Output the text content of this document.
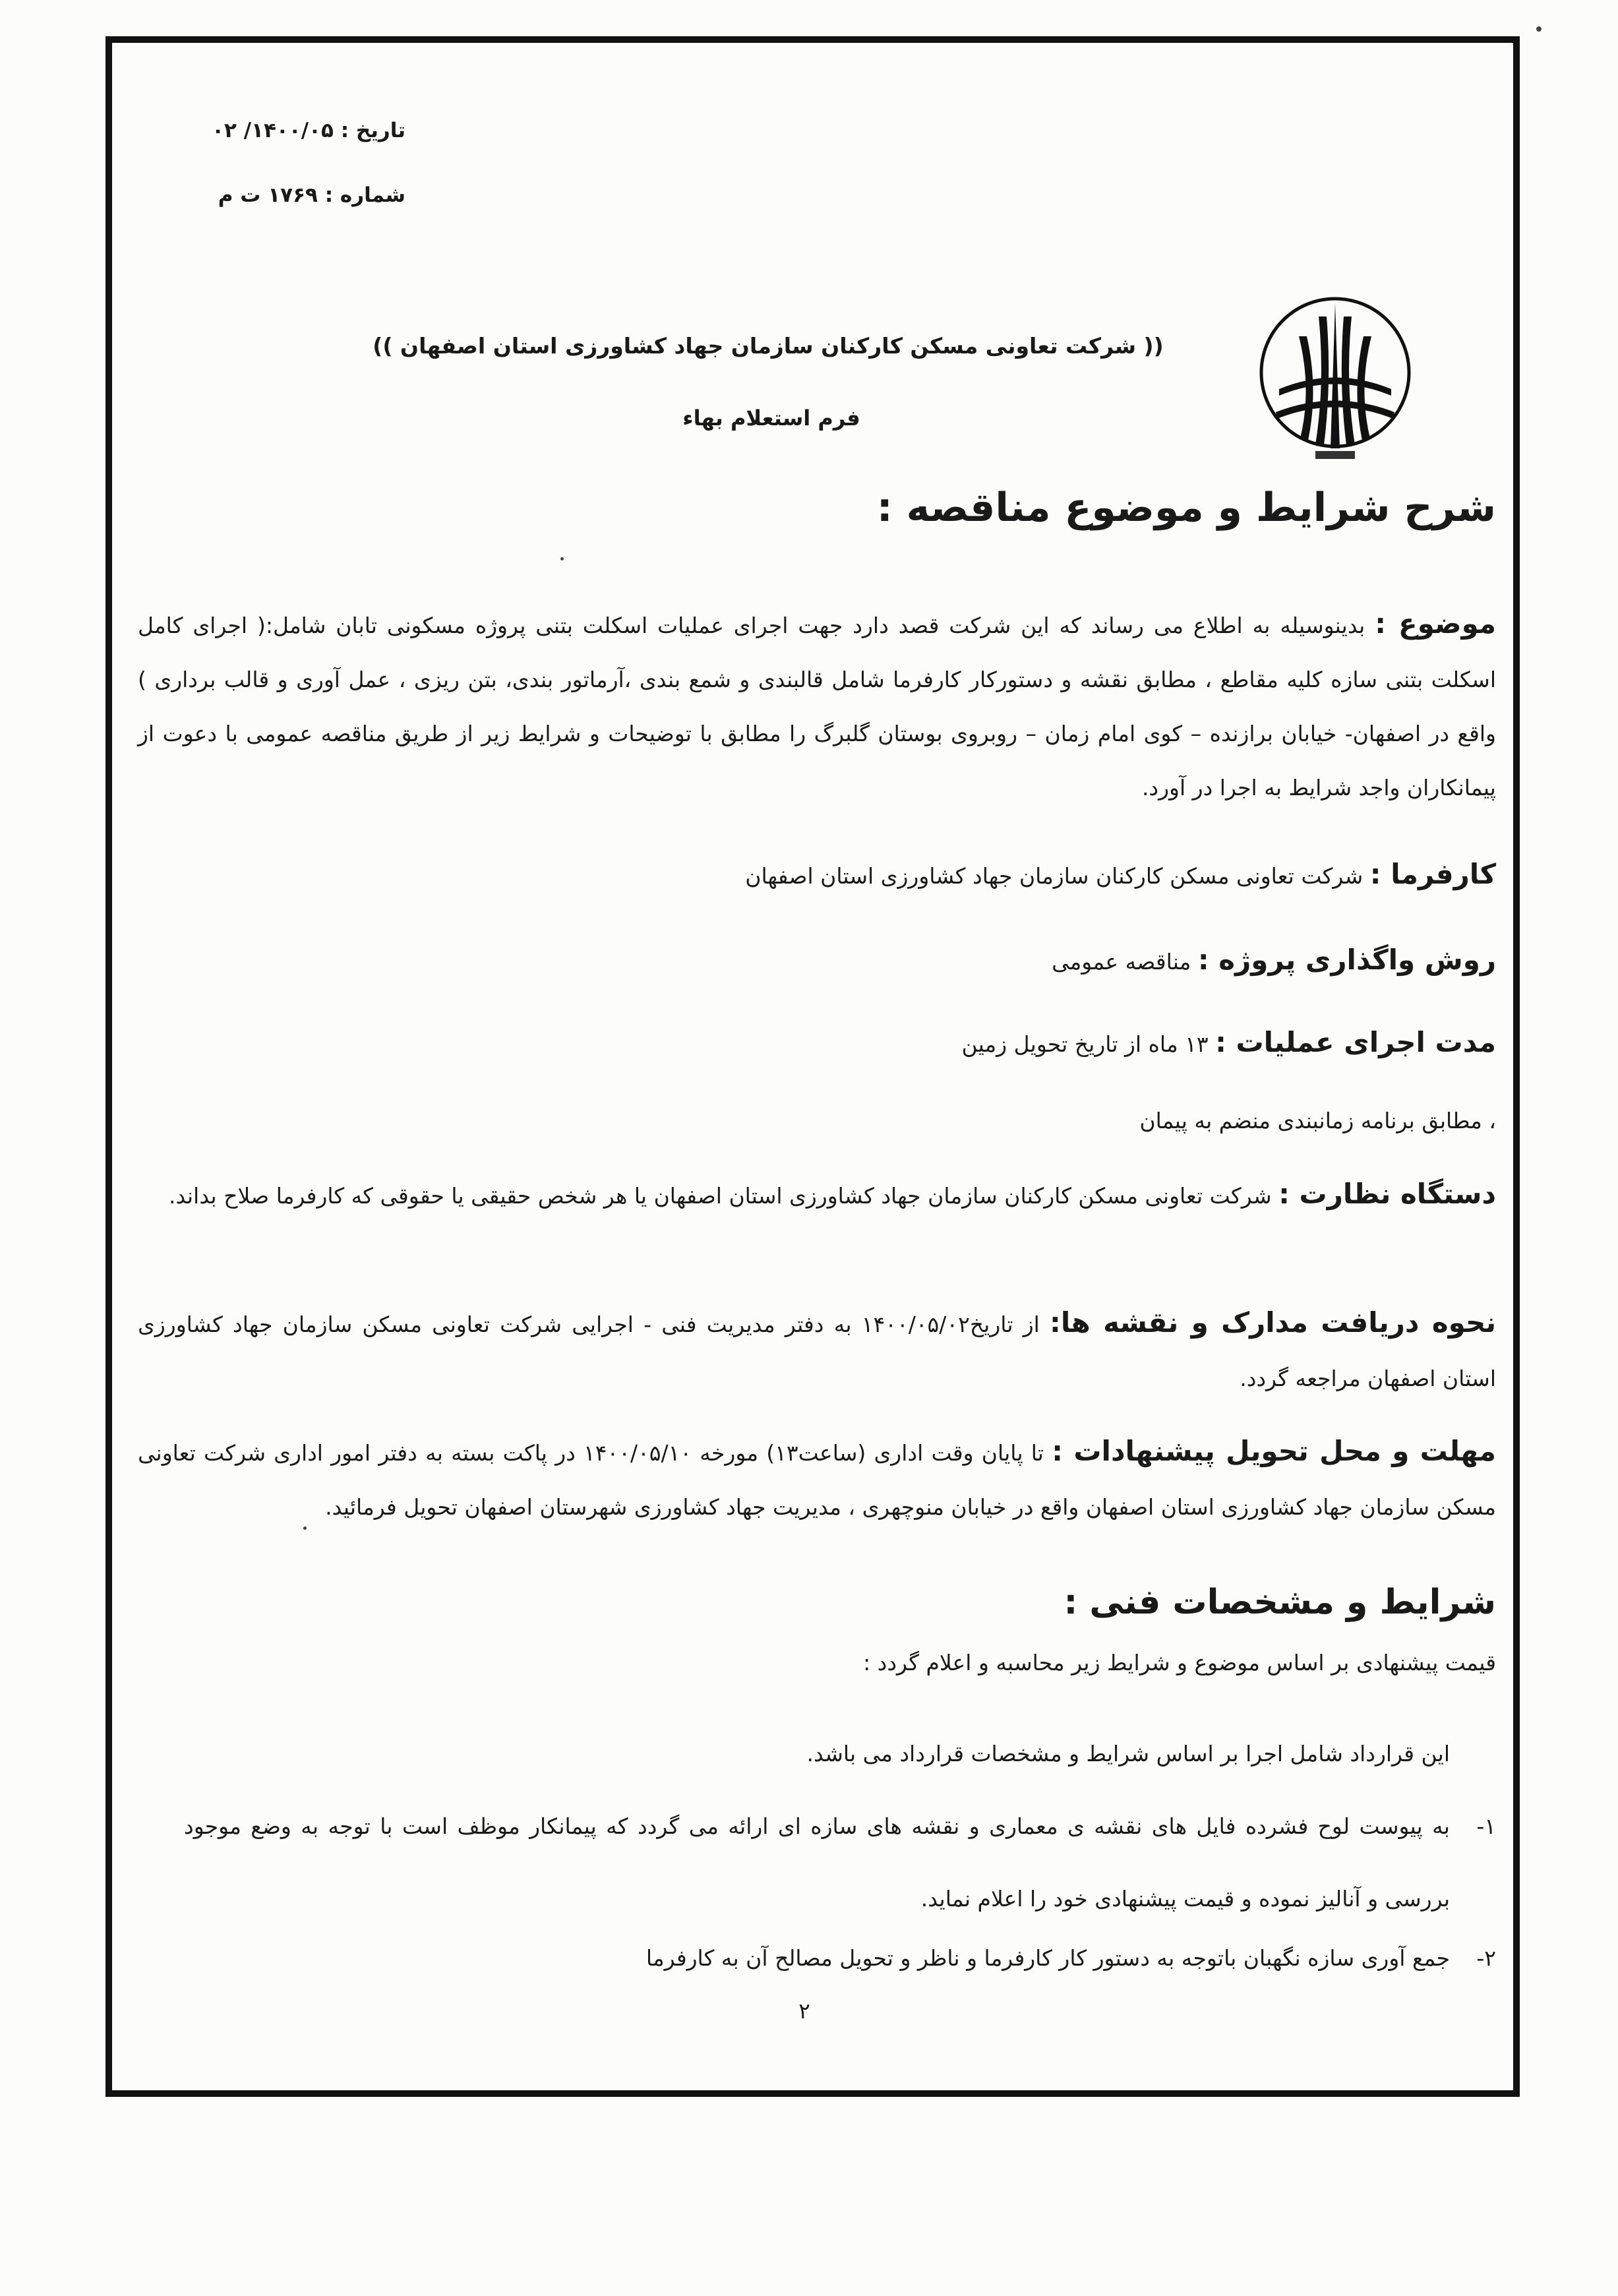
تاریخ : ۱۴۰۰/۰۵/ ۰۲
شماره : ۱۷۶۹ ت م
(( شرکت تعاونی مسکن کارکنان سازمان جهاد کشاورزی استان اصفهان ))
فرم استعلام بهاء
شرح شرایط و موضوع مناقصه :
موضوع : بدینوسیله به اطلاع می رساند که این شرکت قصد دارد جهت اجرای عملیات اسکلت بتنی پروژه مسکونی تابان شامل:( اجرای کامل اسکلت بتنی سازه کلیه مقاطع ، مطابق نقشه و دستورکار کارفرما شامل قالبندی و شمع بندی ،آرماتور بندی، بتن ریزی ، عمل آوری و قالب برداری ) واقع در اصفهان- خیابان برازنده – کوی امام زمان – روبروی بوستان گلبرگ را مطابق با توضیحات و شرایط زیر از طریق مناقصه عمومی با دعوت از پیمانکاران واجد شرایط به اجرا در آورد.
کارفرما : شرکت تعاونی مسکن کارکنان سازمان جهاد کشاورزی استان اصفهان
روش واگذاری پروژه : مناقصه عمومی
مدت اجرای عملیات : ۱۳ ماه از تاریخ تحویل زمین
، مطابق برنامه زمانبندی منضم به پیمان
دستگاه نظارت : شرکت تعاونی مسکن کارکنان سازمان جهاد کشاورزی استان اصفهان یا هر شخص حقیقی یا حقوقی که کارفرما صلاح بداند.
نحوه دریافت مدارک و نقشه ها: از تاریخ۱۴۰۰/۰۵/۰۲ به دفتر مدیریت فنی - اجرایی شرکت تعاونی مسکن سازمان جهاد کشاورزی استان اصفهان مراجعه گردد.
مهلت و محل تحویل پیشنهادات : تا پایان وقت اداری (ساعت۱۳) مورخه ۱۴۰۰/۰۵/۱۰ در پاکت بسته به دفتر امور اداری شرکت تعاونی مسکن سازمان جهاد کشاورزی استان اصفهان واقع در خیابان منوچهری ، مدیریت جهاد کشاورزی شهرستان اصفهان تحویل فرمائید.
شرایط و مشخصات فنی :
قیمت پیشنهادی بر اساس موضوع و شرایط زیر محاسبه و اعلام گردد :
این قرارداد شامل اجرا بر اساس شرایط و مشخصات قرارداد می باشد.
۱-
به پیوست لوح فشرده فایل های نقشه ی معماری و نقشه های سازه ای ارائه می گردد که پیمانکار موظف است با توجه به وضع موجود بررسی و آنالیز نموده و قیمت پیشنهادی خود را اعلام نماید.
۲-
جمع آوری سازه نگهبان باتوجه به دستور کار کارفرما و ناظر و تحویل مصالح آن به کارفرما
۲
